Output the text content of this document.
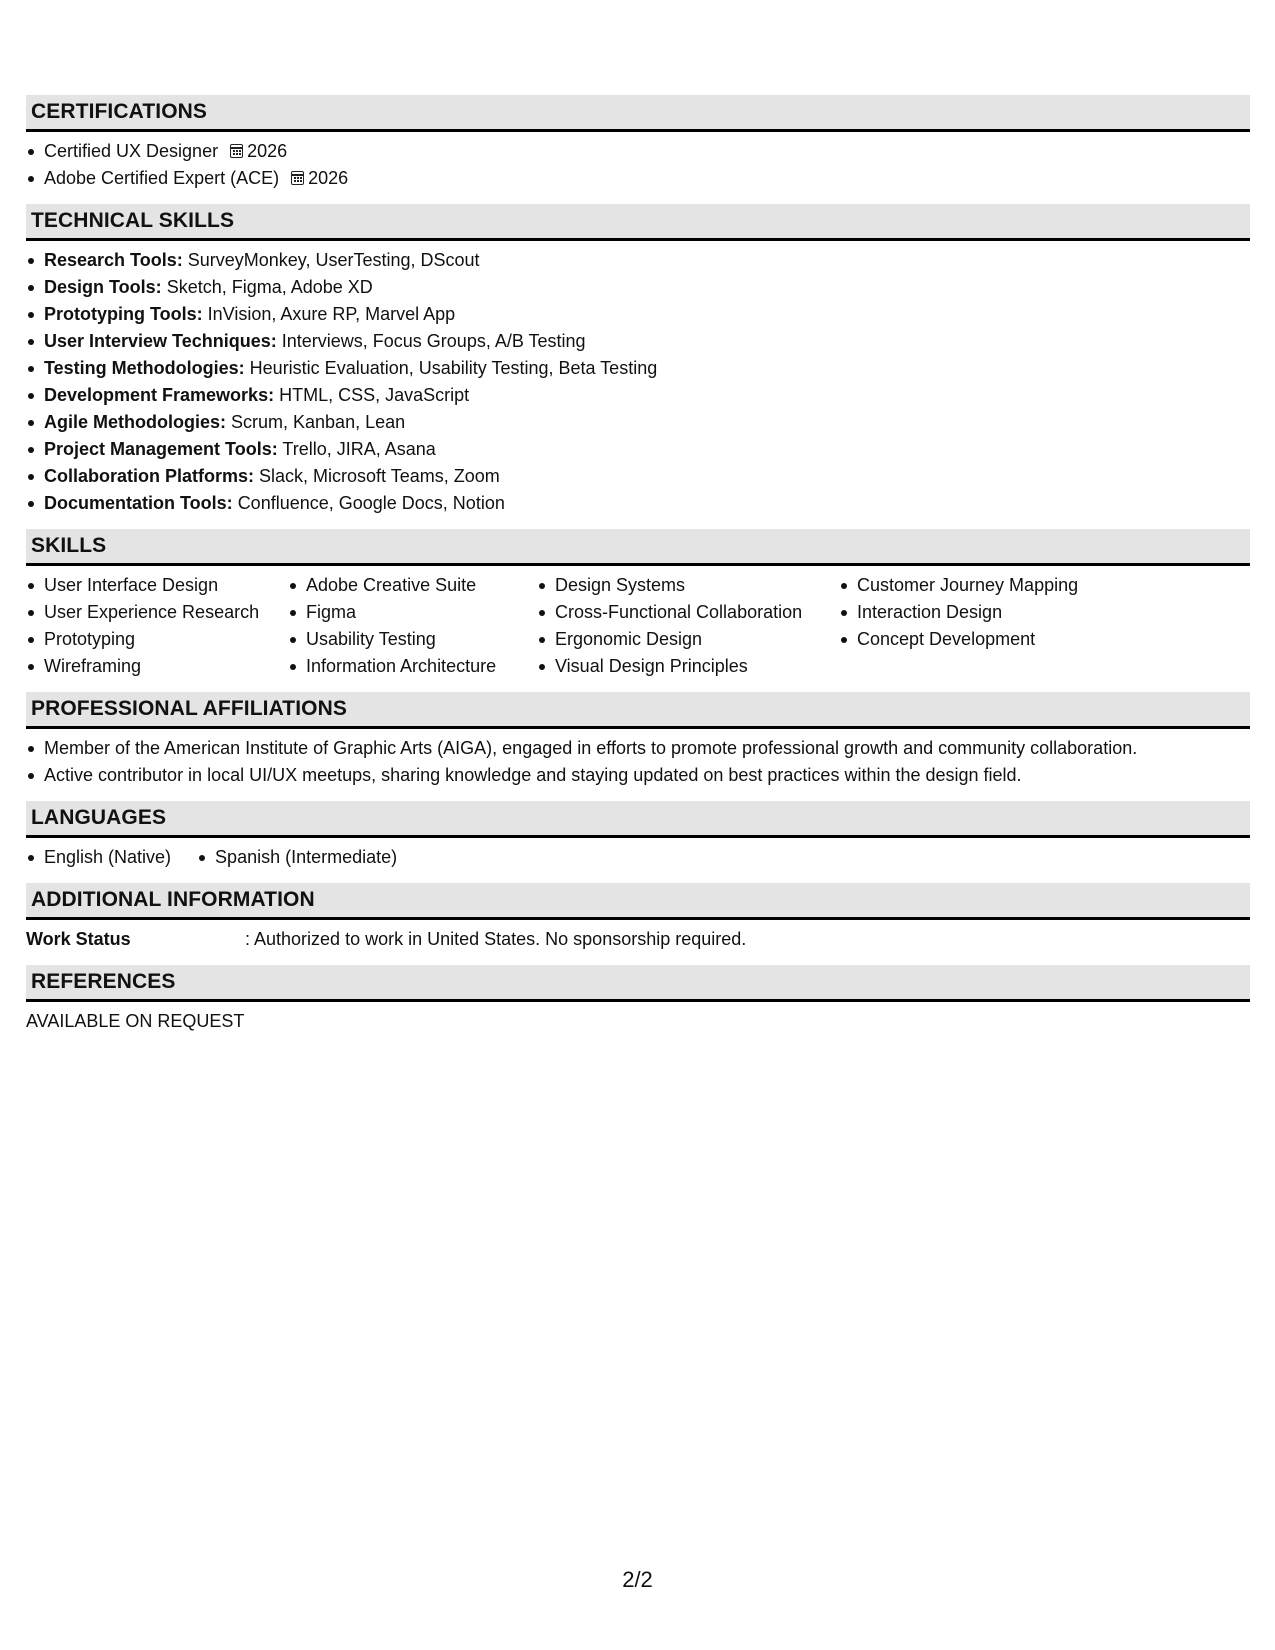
CERTIFICATIONS
Certified UX Designer 2026
Adobe Certified Expert (ACE) 2026
TECHNICAL SKILLS
Research Tools: SurveyMonkey, UserTesting, DScout
Design Tools: Sketch, Figma, Adobe XD
Prototyping Tools: InVision, Axure RP, Marvel App
User Interview Techniques: Interviews, Focus Groups, A/B Testing
Testing Methodologies: Heuristic Evaluation, Usability Testing, Beta Testing
Development Frameworks: HTML, CSS, JavaScript
Agile Methodologies: Scrum, Kanban, Lean
Project Management Tools: Trello, JIRA, Asana
Collaboration Platforms: Slack, Microsoft Teams, Zoom
Documentation Tools: Confluence, Google Docs, Notion
SKILLS
User Interface Design
User Experience Research
Prototyping
Wireframing
Adobe Creative Suite
Figma
Usability Testing
Information Architecture
Design Systems
Cross-Functional Collaboration
Ergonomic Design
Visual Design Principles
Customer Journey Mapping
Interaction Design
Concept Development
PROFESSIONAL AFFILIATIONS
Member of the American Institute of Graphic Arts (AIGA), engaged in efforts to promote professional growth and community collaboration.
Active contributor in local UI/UX meetups, sharing knowledge and staying updated on best practices within the design field.
LANGUAGES
English (Native)	Spanish (Intermediate)
ADDITIONAL INFORMATION
Work Status	: Authorized to work in United States. No sponsorship required.
REFERENCES
AVAILABLE ON REQUEST
2/2
